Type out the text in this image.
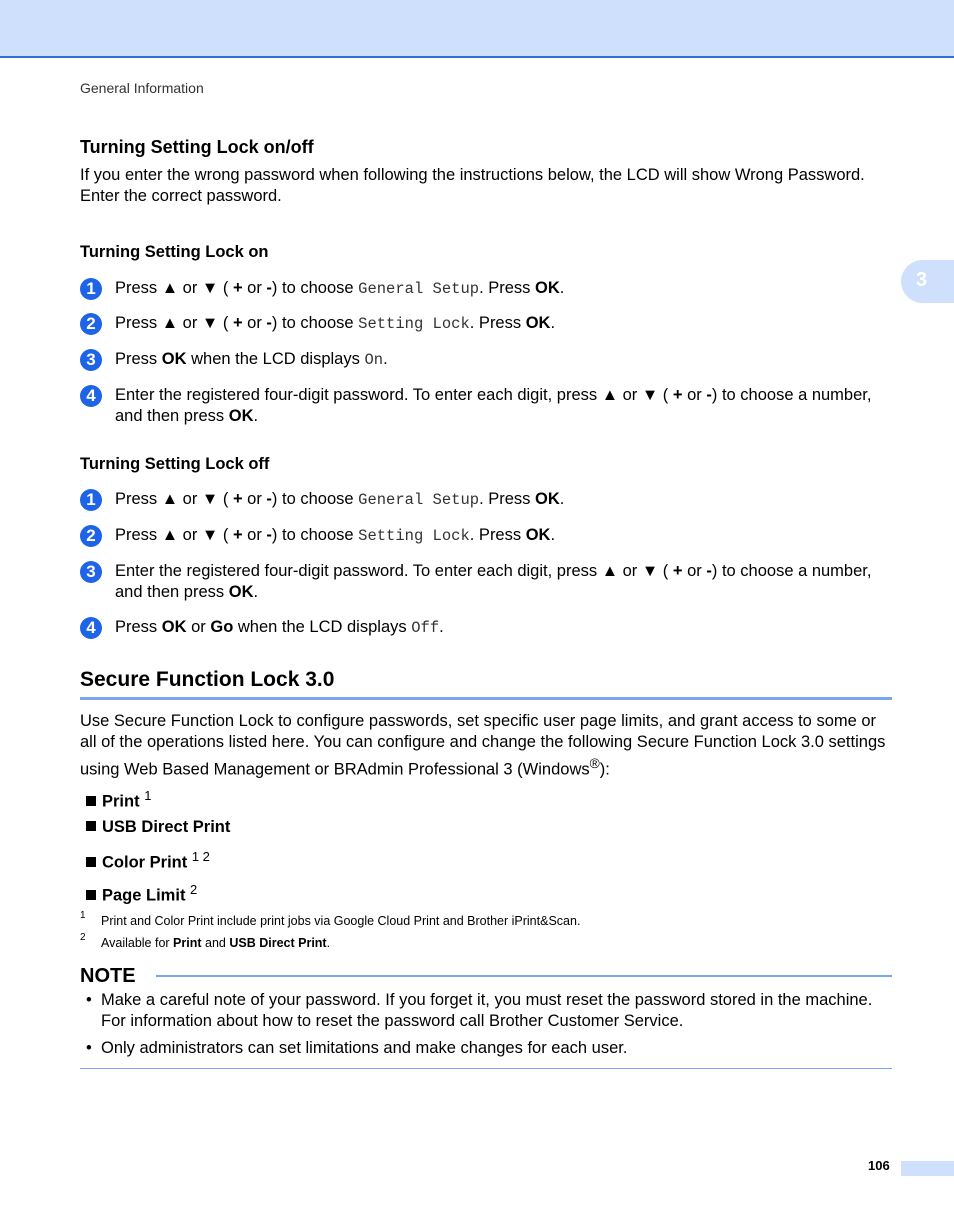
General Information
3
Turning Setting Lock on/off
If you enter the wrong password when following the instructions below, the LCD will show Wrong Password. Enter the correct password.
Turning Setting Lock on
1	Press ▲ or ▼ ( + or -) to choose General Setup. Press OK.
2	Press ▲ or ▼ ( + or -) to choose Setting Lock. Press OK.
3	Press OK when the LCD displays On.
4	Enter the registered four-digit password. To enter each digit, press ▲ or ▼ ( + or -) to choose a number, and then press OK.
Turning Setting Lock off
1	Press ▲ or ▼ ( + or -) to choose General Setup. Press OK.
2	Press ▲ or ▼ ( + or -) to choose Setting Lock. Press OK.
3	Enter the registered four-digit password. To enter each digit, press ▲ or ▼ ( + or -) to choose a number, and then press OK.
4	Press OK or Go when the LCD displays Off.
Secure Function Lock 3.0
Use Secure Function Lock to configure passwords, set specific user page limits, and grant access to some or all of the operations listed here. You can configure and change the following Secure Function Lock 3.0 settings using Web Based Management or BRAdmin Professional 3 (Windows®):
Print $^1$
USB Direct Print
Color Print $^{1 2}$
Page Limit $^2$
1 Print and Color Print include print jobs via Google Cloud Print and Brother iPrint&Scan.
2 Available for Print and USB Direct Print.
NOTE
• Make a careful note of your password. If you forget it, you must reset the password stored in the machine. For information about how to reset the password call Brother Customer Service.
• Only administrators can set limitations and make changes for each user.
106
